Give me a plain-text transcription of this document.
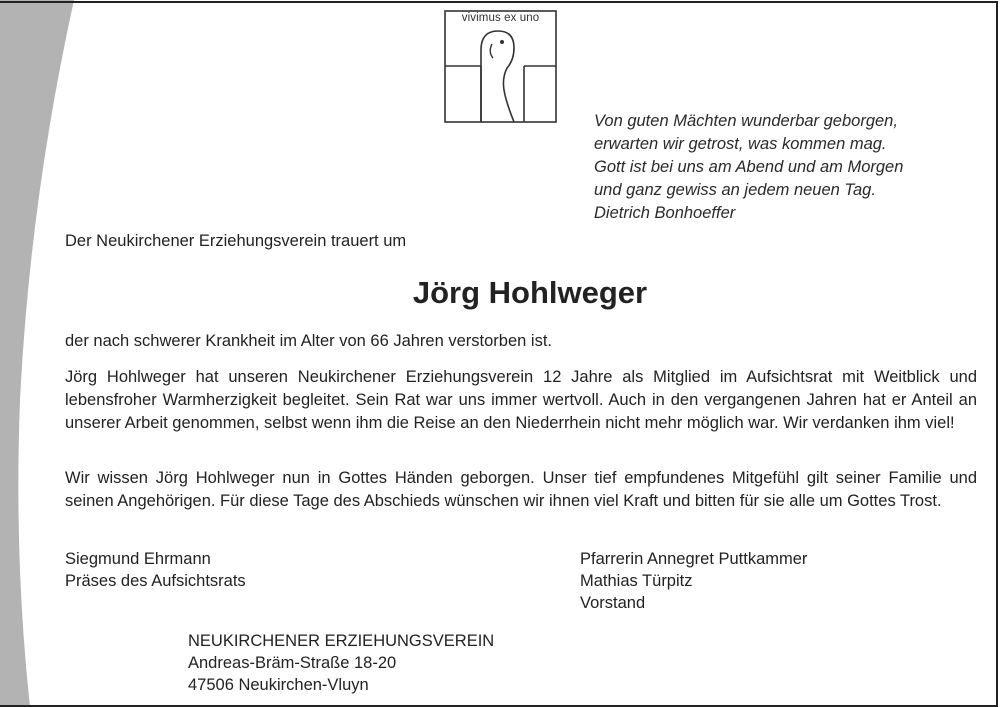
vivimus ex uno
Von guten Mächten wunderbar geborgen,
erwarten wir getrost, was kommen mag.
Gott ist bei uns am Abend und am Morgen
und ganz gewiss an jedem neuen Tag.
Dietrich Bonhoeffer
Der Neukirchener Erziehungsverein trauert um
Jörg Hohlweger
der nach schwerer Krankheit im Alter von 66 Jahren verstorben ist.
Jörg Hohlweger hat unseren Neukirchener Erziehungsverein 12 Jahre als Mitglied im Aufsichtsrat mit Weitblick und lebensfroher Warmherzigkeit begleitet. Sein Rat war uns immer wertvoll. Auch in den vergangenen Jahren hat er Anteil an unserer Arbeit genommen, selbst wenn ihm die Reise an den Niederrhein nicht mehr möglich war. Wir verdanken ihm viel!
Wir wissen Jörg Hohlweger nun in Gottes Händen geborgen. Unser tief empfundenes Mitgefühl gilt seiner Familie und seinen Angehörigen. Für diese Tage des Abschieds wünschen wir ihnen viel Kraft und bitten für sie alle um Gottes Trost.
Siegmund Ehrmann
Präses des Aufsichtsrats
Pfarrerin Annegret Puttkammer
Mathias Türpitz
Vorstand
NEUKIRCHENER ERZIEHUNGSVEREIN
Andreas-Bräm-Straße 18-20
47506 Neukirchen-Vluyn
